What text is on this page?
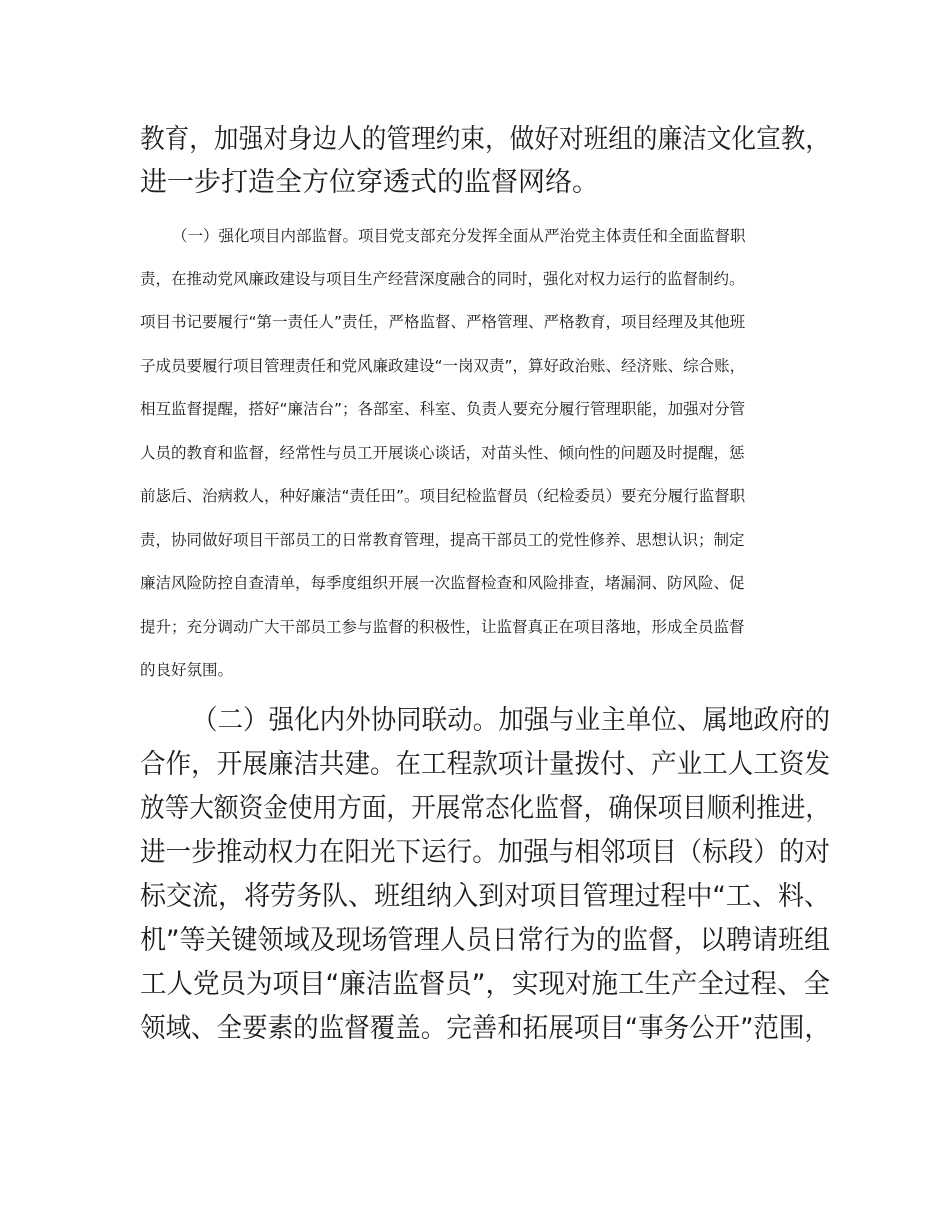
教育，加强对身边人的管理约束，做好对班组的廉洁文化宣教，

进一步打造全方位穿透式的监督网络。

（一）强化项目内部监督。项目党支部充分发挥全面从严治党主体责任和全面监督职

责，在推动党风廉政建设与项目生产经营深度融合的同时，强化对权力运行的监督制约。

项目书记要履行“第一责任人”责任，严格监督、严格管理、严格教育，项目经理及其他班

子成员要履行项目管理责任和党风廉政建设“一岗双责”，算好政治账、经济账、综合账，

相互监督提醒，搭好“廉洁台”；各部室、科室、负责人要充分履行管理职能，加强对分管

人员的教育和监督，经常性与员工开展谈心谈话，对苗头性、倾向性的问题及时提醒，惩

前毖后、治病救人，种好廉洁“责任田”。项目纪检监督员（纪检委员）要充分履行监督职

责，协同做好项目干部员工的日常教育管理，提高干部员工的党性修养、思想认识；制定

廉洁风险防控自查清单，每季度组织开展一次监督检查和风险排查，堵漏洞、防风险、促

提升；充分调动广大干部员工参与监督的积极性，让监督真正在项目落地，形成全员监督

的良好氛围。

（二）强化内外协同联动。加强与业主单位、属地政府的

合作，开展廉洁共建。在工程款项计量拨付、产业工人工资发

放等大额资金使用方面，开展常态化监督，确保项目顺利推进，

进一步推动权力在阳光下运行。加强与相邻项目（标段）的对

标交流，将劳务队、班组纳入到对项目管理过程中“工、料、

机”等关键领域及现场管理人员日常行为的监督，以聘请班组

工人党员为项目“廉洁监督员”，实现对施工生产全过程、全

领域、全要素的监督覆盖。完善和拓展项目“事务公开”范围，
